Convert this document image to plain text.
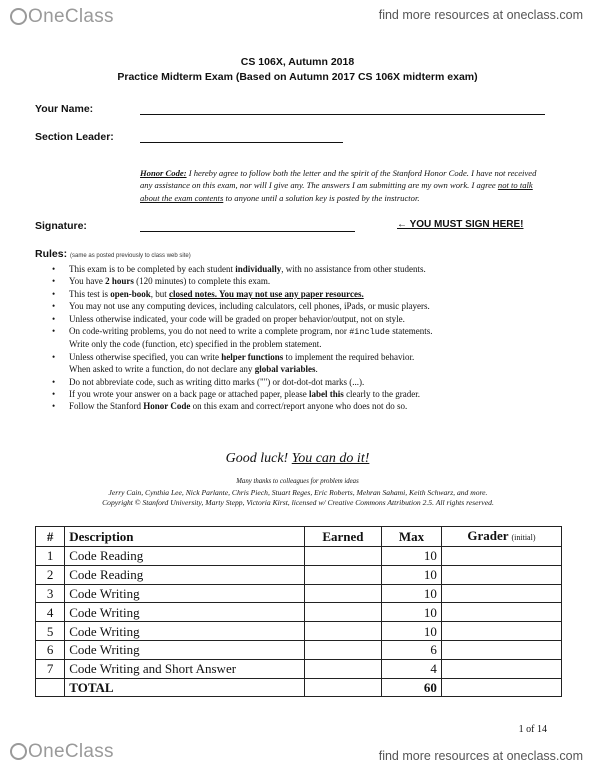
OneClass	find more resources at oneclass.com
CS 106X, Autumn 2018
Practice Midterm Exam (Based on Autumn 2017 CS 106X midterm exam)
Your Name:
Section Leader:
Honor Code: I hereby agree to follow both the letter and the spirit of the Stanford Honor Code. I have not received any assistance on this exam, nor will I give any. The answers I am submitting are my own work. I agree not to talk about the exam contents to anyone until a solution key is posted by the instructor.
Signature:	← YOU MUST SIGN HERE!
Rules: (same as posted previously to class web site)
• This exam is to be completed by each student individually, with no assistance from other students.
• You have 2 hours (120 minutes) to complete this exam.
• This test is open-book, but closed notes. You may not use any paper resources.
• You may not use any computing devices, including calculators, cell phones, iPads, or music players.
• Unless otherwise indicated, your code will be graded on proper behavior/output, not on style.
• On code-writing problems, you do not need to write a complete program, nor #include statements.
Write only the code (function, etc) specified in the problem statement.
• Unless otherwise specified, you can write helper functions to implement the required behavior.
When asked to write a function, do not declare any global variables.
• Do not abbreviate code, such as writing ditto marks ("") or dot-dot-dot marks (...).
• If you wrote your answer on a back page or attached paper, please label this clearly to the grader.
• Follow the Stanford Honor Code on this exam and correct/report anyone who does not do so.
Good luck! You can do it!
Many thanks to colleagues for problem ideas
Jerry Cain, Cynthia Lee, Nick Parlante, Chris Piech, Stuart Reges, Eric Roberts, Mehran Sahami, Keith Schwarz, and more.
Copyright © Stanford University, Marty Stepp, Victoria Kirst, licensed w/ Creative Commons Attribution 2.5. All rights reserved.
#	Description	Earned	Max	Grader (initial)
1	Code Reading		10	
2	Code Reading		10	
3	Code Writing		10	
4	Code Writing		10	
5	Code Writing		10	
6	Code Writing		6	
7	Code Writing and Short Answer		4	
	TOTAL		60	
1 of 14
OneClass	find more resources at oneclass.com
